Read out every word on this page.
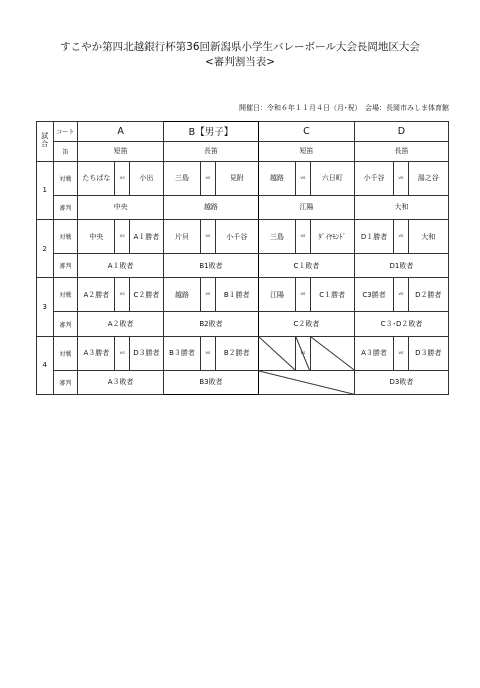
すこやか第四北越銀行杯第36回新潟県小学生バレーボール大会長岡地区大会
<審判割当表>
開催日：令和６年１１月４日（月･祝）　会場：長岡市みしま体育館
試合	コート	A			B【男子】			C			D		
	笛	短笛			長笛			短笛			長笛		
1	対戦	たちばな	vs	小出	三島	vs	見附	越路	vs	六日町	小千谷	vs	湯之谷
	審判	中央			越路			江陽			大和		
2	対戦	中央	vs	A１勝者	片貝	vs	小千谷	三島	vs	ﾀﾞｲﾔﾓﾝﾄﾞ	D１勝者	vs	大和
	審判	A１敗者			B1敗者			C１敗者			D1敗者		
3	対戦	A２勝者	vs	C２勝者	越路	vs	B１勝者	江陽	vs	C１勝者	C3勝者	vs	D２勝者
	審判	A２敗者			B2敗者			C２敗者			C３･D２敗者		
4	対戦	A３勝者	vs	D３勝者	B３勝者	vs	B２勝者		vs		A３勝者	vs	D３勝者
	審判	A３敗者			B3敗者						D3敗者		
